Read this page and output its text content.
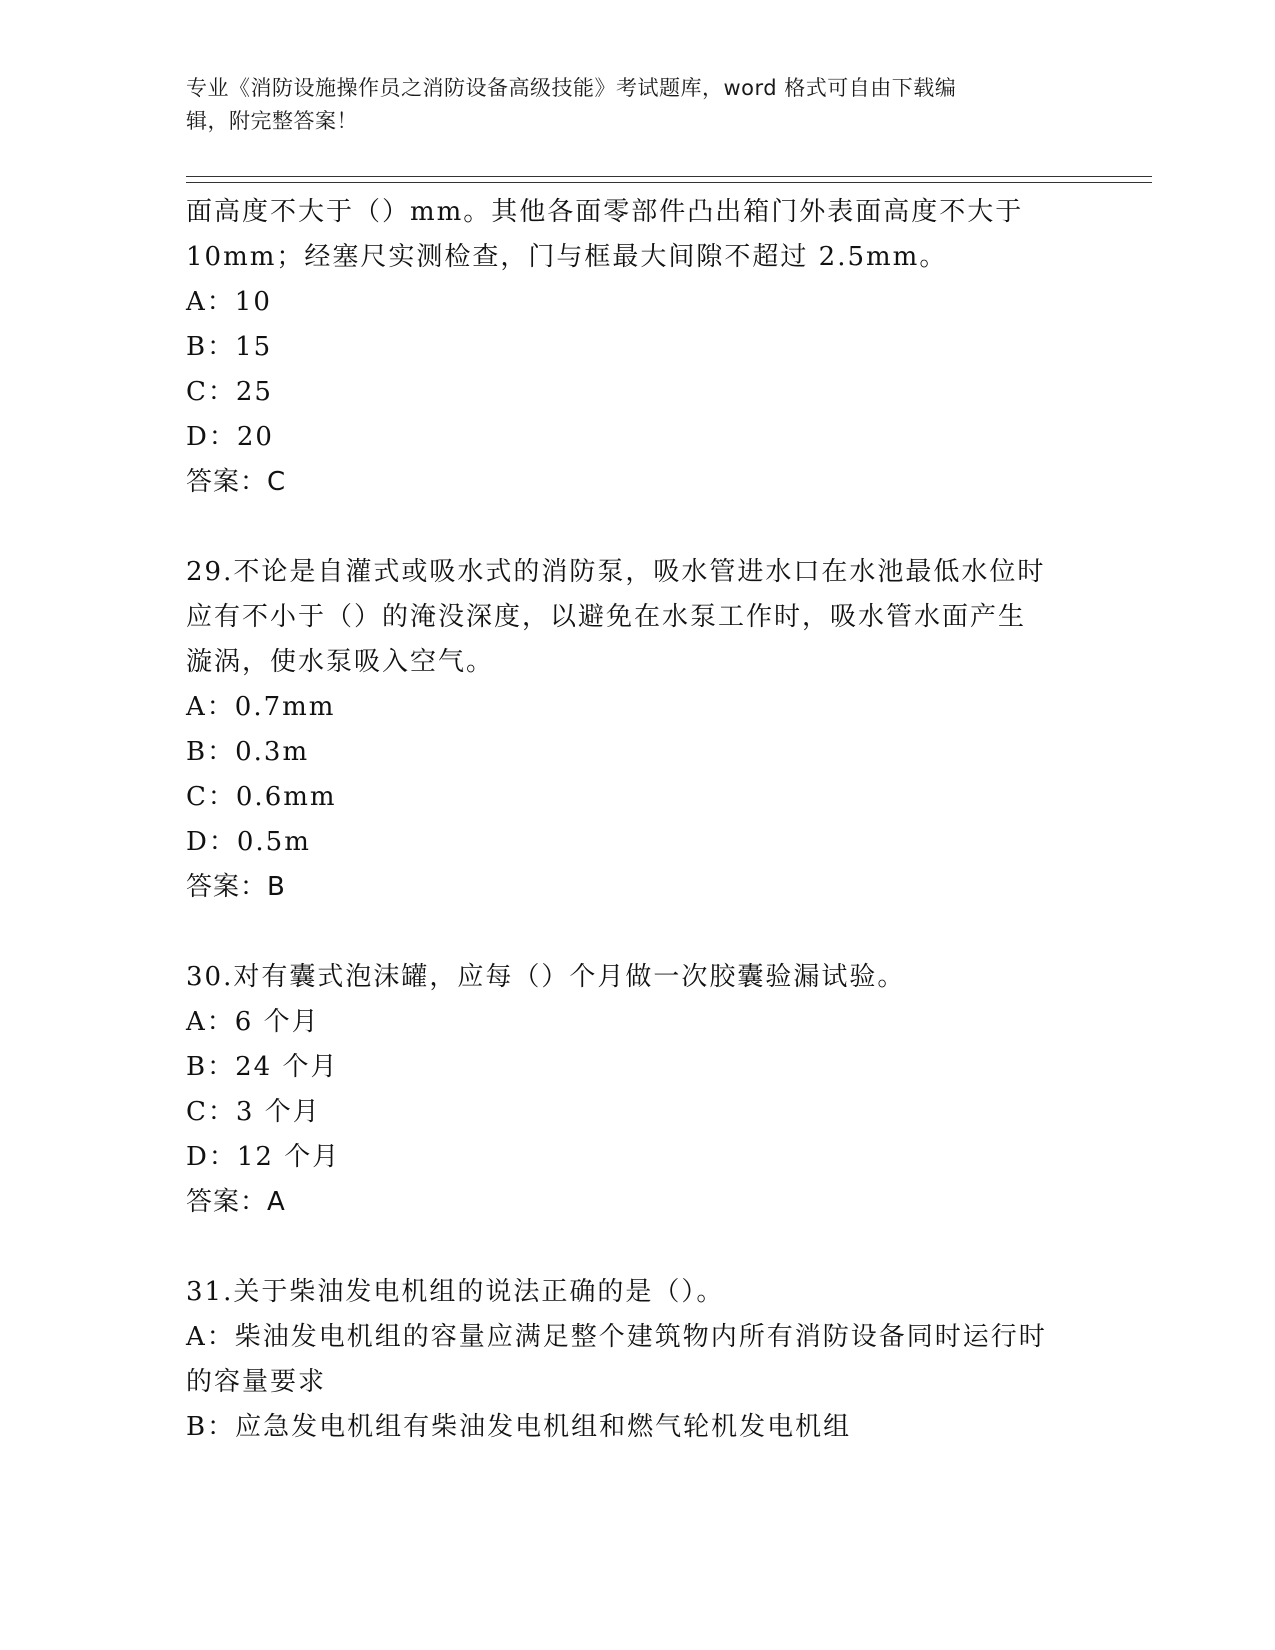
专业《消防设施操作员之消防设备高级技能》考试题库，word 格式可自由下载编
辑，附完整答案！
面高度不大于（）mm。其他各面零部件凸出箱门外表面高度不大于
10mm；经塞尺实测检查，门与框最大间隙不超过 2.5mm。
A：10
B：15
C：25
D：20
答案：C
29.不论是自灌式或吸水式的消防泵，吸水管进水口在水池最低水位时
应有不小于（）的淹没深度，以避免在水泵工作时，吸水管水面产生
漩涡，使水泵吸入空气。
A：0.7mm
B：0.3m
C：0.6mm
D：0.5m
答案：B
30.对有囊式泡沫罐，应每（）个月做一次胶囊验漏试验。
A：6 个月
B：24 个月
C：3 个月
D：12 个月
答案：A
31.关于柴油发电机组的说法正确的是（）。
A：柴油发电机组的容量应满足整个建筑物内所有消防设备同时运行时
的容量要求
B：应急发电机组有柴油发电机组和燃气轮机发电机组
